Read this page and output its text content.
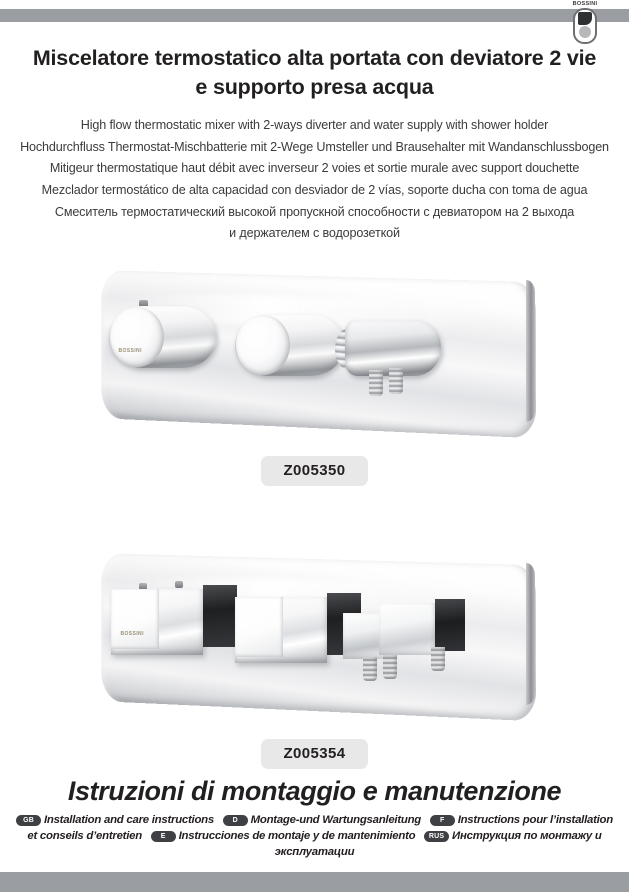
BOSSINI
Miscelatore termostatico alta portata con deviatore 2 vie
e supporto presa acqua
High flow thermostatic mixer with 2-ways diverter and water supply with shower holder
Hochdurchfluss Thermostat-Mischbatterie mit 2-Wege Umsteller und Brausehalter mit Wandanschlussbogen
Mitigeur thermostatique haut débit avec inverseur 2 voies et sortie murale avec support douchette
Mezclador termostático de alta capacidad con desviador de 2 vías, soporte ducha con toma de agua
Смеситель термостатический высокой пропускной способности с девиатором на 2 выхода и держателем с водорозеткой
BOSSINI
Z005350
BOSSINI
Z005354
Istruzioni di montaggio e manutenzione
GB Installation and care instructions	D Montage-und Wartungsanleitung	F Instructions pour l’installation et conseils d’entretien	E Instrucciones de montaje y de mantenimiento RUS Инструкция по монтажу и эксплуатации
